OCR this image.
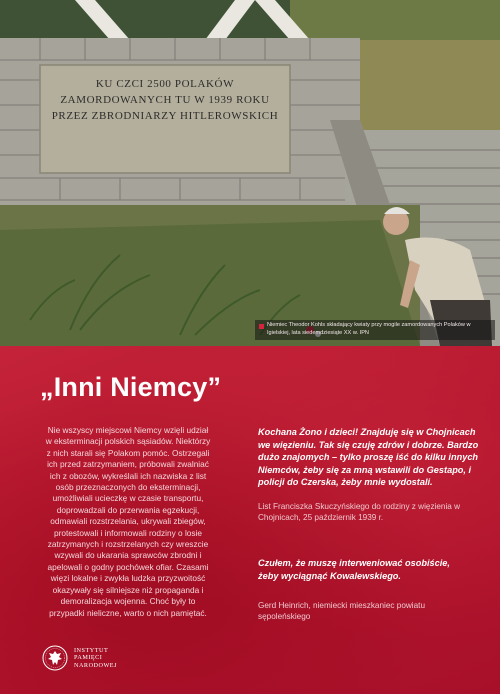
KU CZCI 2500 POLAKÓW
ZAMORDOWANYCH TU W 1939 ROKU
PRZEZ ZBRODNIARZY HITLEROWSKICH
Niemiec Theodor Kohls składający kwiaty przy mogile zamordowanych Polaków w Igielskiej, lata siedemdziesiąte XX w. IPN
„Inni Niemcy”

Nie wszyscy miejscowi Niemcy wzięli udział w eksterminacji polskich sąsiadów. Niektórzy z nich starali się Polakom pomóc. Ostrzegali ich przed zatrzymaniem, próbowali zwalniać ich z obozów, wykreślali ich nazwiska z list osób przeznaczonych do eksterminacji, umożliwiali ucieczkę w czasie transportu, doprowadzali do przerwania egzekucji, odmawiali rozstrzelania, ukrywali zbiegów, protestowali i informowali rodziny o losie zatrzymanych i rozstrzelanych czy wreszcie wzywali do ukarania sprawców zbrodni i apelowali o godny pochówek ofiar. Czasami więzi lokalne i zwykła ludzka przyzwoitość okazywały się silniejsze niż propaganda i demoralizacja wojenna. Choć były to przypadki nieliczne, warto o nich pamiętać.

Kochana Żono i dzieci! Znajduję się w Chojnicach we więzieniu. Tak się czuję zdrów i dobrze. Bardzo dużo znajomych – tylko proszę iść do kilku innych Niemców, żeby się za mną wstawili do Gestapo, i policji do Czerska, żeby mnie wydostali.

List Franciszka Skuczyńskiego do rodziny z więzienia w Chojnicach, 25 październik 1939 r.

Czułem, że muszę interweniować osobiście, żeby wyciągnąć Kowalewskiego.

Gerd Heinrich, niemiecki mieszkaniec powiatu sępoleńskiego

INSTYTUT
PAMIĘCI
NARODOWEJ
